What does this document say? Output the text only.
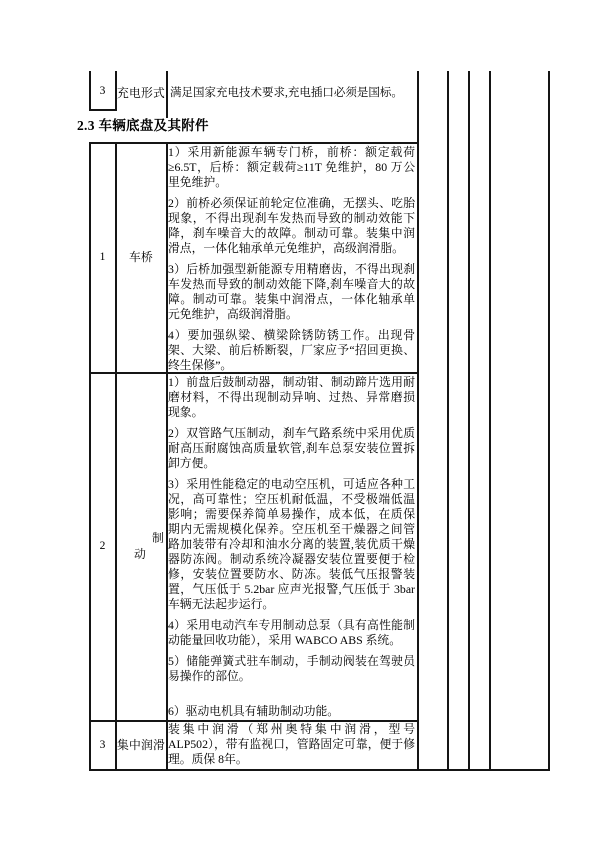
3 充电形式 满足国家充电技术要求,充电插口必须是国标。
2.3 车辆底盘及其附件
1	车桥
1）采用新能源车辆专门桥，前桥：额定载荷≥6.5T，后桥：额定载荷≥11T 免维护，80 万公里免维护。
2）前桥必须保证前轮定位准确，无摆头、吃胎现象，不得出现刹车发热而导致的制动效能下降，刹车噪音大的故障。制动可靠。装集中润滑点，一体化轴承单元免维护，高级润滑脂。
3）后桥加强型新能源专用精磨齿，不得出现刹车发热而导致的制动效能下降,刹车噪音大的故障。制动可靠。装集中润滑点，一体化轴承单元免维护，高级润滑脂。
4）要加强纵梁、横梁除锈防锈工作。出现骨架、大梁、前后桥断裂，厂家应予“招回更换、终生保修”。
2
制
动
1）前盘后鼓制动器，制动钳、制动蹄片选用耐磨材料，不得出现制动异响、过热、异常磨损现象。
2）双管路气压制动，刹车气路系统中采用优质耐高压耐腐蚀高质量软管,刹车总泵安装位置拆卸方便。
3）采用性能稳定的电动空压机，可适应各种工况，高可靠性；空压机耐低温，不受极端低温影响；需要保养简单易操作，成本低，在质保期内无需规模化保养。空压机至干燥器之间管路加装带有冷却和油水分离的装置,装优质干燥器防冻阀。制动系统冷凝器安装位置要便于检修，安装位置要防水、防冻。装低气压报警装置，气压低于 5.2bar 应声光报警,气压低于 3bar 车辆无法起步运行。
4）采用电动汽车专用制动总泵（具有高性能制动能量回收功能），采用 WABCO ABS 系统。
5）储能弹簧式驻车制动，手制动阀装在驾驶员易操作的部位。
6）驱动电机具有辅助制动功能。
3 集中润滑
装集中润滑（郑州奥特集中润滑，型号 ALP502），带有监视口，管路固定可靠，便于修理。质保 8年。
